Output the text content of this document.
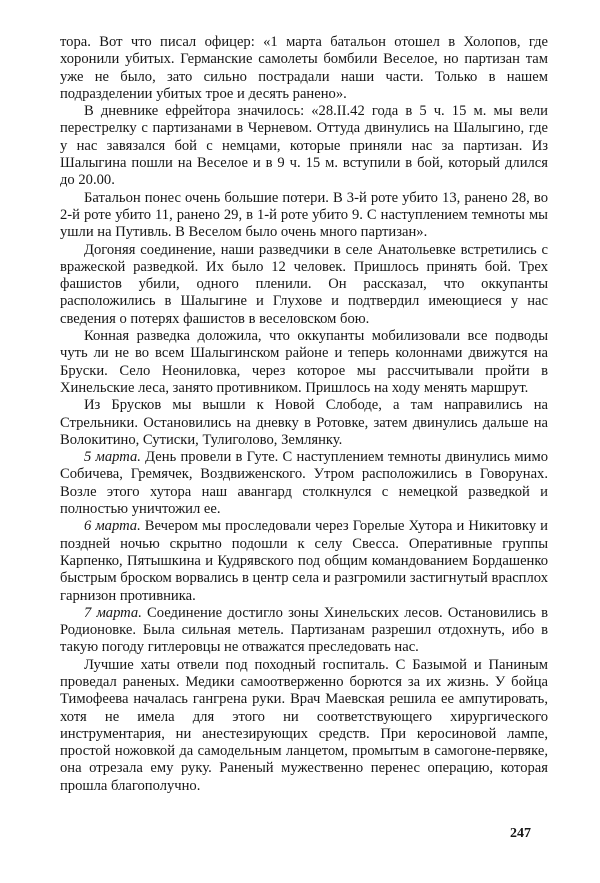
тора. Вот что писал офицер: «1 марта батальон отошел в Холопов, где хоронили убитых. Германские самолеты бомбили Веселое, но партизан там уже не было, зато сильно пострадали наши части. Только в нашем подразделении убитых трое и десять ранено».

В дневнике ефрейтора значилось: «28.II.42 года в 5 ч. 15 м. мы вели перестрелку с партизанами в Черневом. Оттуда двинулись на Шалыгино, где у нас завязался бой с немцами, которые приняли нас за партизан. Из Шалыгина пошли на Веселое и в 9 ч. 15 м. вступили в бой, который длился до 20.00.

Батальон понес очень большие потери. В 3-й роте убито 13, ранено 28, во 2-й роте убито 11, ранено 29, в 1-й роте убито 9. С наступлением темноты мы ушли на Путивль. В Веселом было очень много партизан».

Догоняя соединение, наши разведчики в селе Анатольевке встретились с вражеской разведкой. Их было 12 человек. Пришлось принять бой. Трех фашистов убили, одного пленили. Он рассказал, что оккупанты расположились в Шалыгине и Глухове и подтвердил имеющиеся у нас сведения о потерях фашистов в веселовском бою.

Конная разведка доложила, что оккупанты мобилизовали все подводы чуть ли не во всем Шалыгинском районе и теперь колоннами движутся на Бруски. Село Неониловка, через которое мы рассчитывали пройти в Хинельские леса, занято противником. Пришлось на ходу менять маршрут.

Из Брусков мы вышли к Новой Слободе, а там направились на Стрельники. Остановились на дневку в Ротовке, затем двинулись дальше на Волокитино, Сутиски, Тулиголово, Землянку.

5 марта. День провели в Гуте. С наступлением темноты двинулись мимо Собичева, Гремячек, Воздвиженского. Утром расположились в Говорунах. Возле этого хутора наш авангард столкнулся с немецкой разведкой и полностью уничтожил ее.

6 марта. Вечером мы проследовали через Горелые Хутора и Никитовку и поздней ночью скрытно подошли к селу Свесса. Оперативные группы Карпенко, Пятышкина и Кудрявского под общим командованием Бордашенко быстрым броском ворвались в центр села и разгромили застигнутый врасплох гарнизон противника.

7 марта. Соединение достигло зоны Хинельских лесов. Остановились в Родионовке. Была сильная метель. Партизанам разрешил отдохнуть, ибо в такую погоду гитлеровцы не отважатся преследовать нас.

Лучшие хаты отвели под походный госпиталь. С Базымой и Паниным проведал раненых. Медики самоотверженно борются за их жизнь. У бойца Тимофеева началась гангрена руки. Врач Маевская решила ее ампутировать, хотя не имела для этого ни соответствующего хирургического инструментария, ни анестезирующих средств. При керосиновой лампе, простой ножовкой да самодельным ланцетом, промытым в самогоне-первяке, она отрезала ему руку. Раненый мужественно перенес операцию, которая прошла благополучно.

247
